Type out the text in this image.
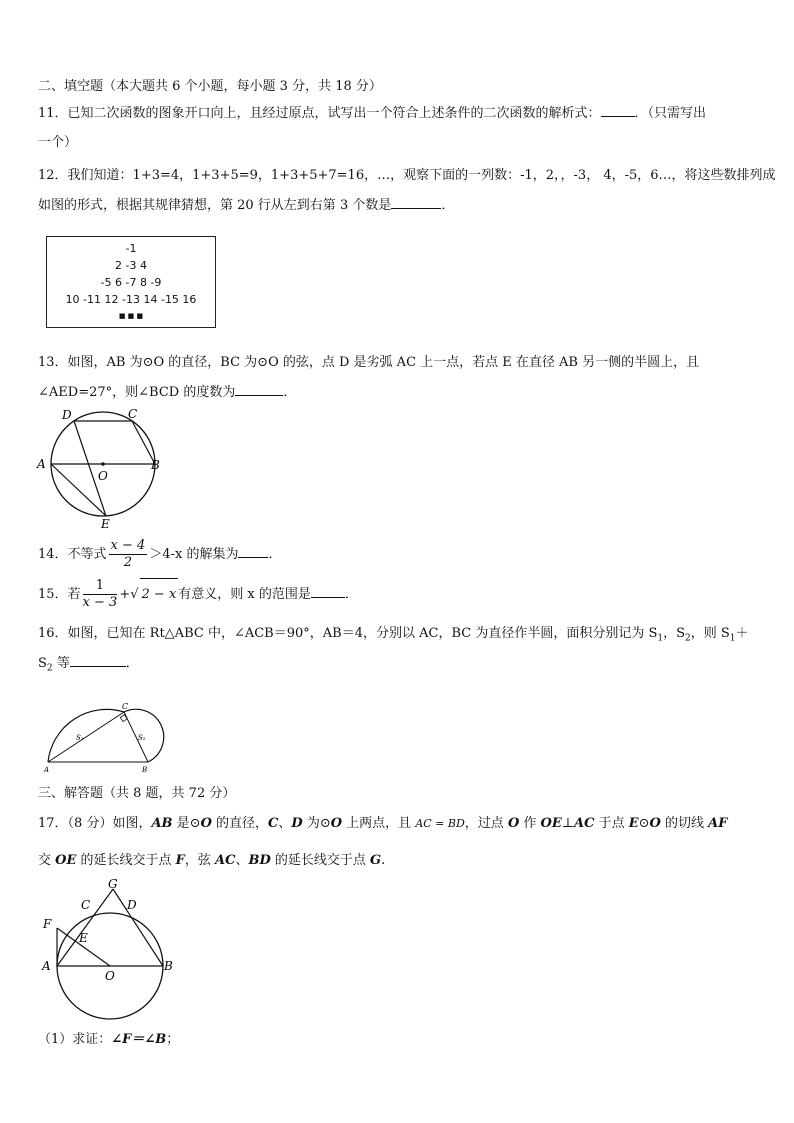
二、填空题（本大题共 6 个小题，每小题 3 分，共 18 分）
11．已知二次函数的图象开口向上，且经过原点，试写出一个符合上述条件的二次函数的解析式：	．（只需写出
一个）
12．我们知道：1+3=4，1+3+5=9，1+3+5+7=16，…，观察下面的一列数：-1，2，，-3， 4，-5，6…，将这些数排列成
如图的形式，根据其规律猜想，第 20 行从左到右第 3 个数是	．
-1
2 -3 4
-5 6 -7 8 -9
10 -11 12 -13 14 -15 16
■ ■ ■
13．如图，AB 为⊙O 的直径，BC 为⊙O 的弦，点 D 是劣弧 AC 上一点，若点 E 在直径 AB 另一侧的半圆上，且
∠AED=27°，则∠BCD 的度数为	．
D	C
A	B
O
E
14．不等式 $\frac{x - 4}{2} >4-x$ 的解集为 ．
15．若 $\frac{1}{x - 3}$ +√ 2 − x 有意义，则 x 的范围是	．
16．如图，已知在 Rt△ABC 中，∠ACB＝90°，AB＝4，分别以 AC，BC 为直径作半圆，面积分别记为 $S_1$，$S_2$，则 $S_1+$
$S_2$ 等	．
C
S₁	S₂
A	B
三、解答题（共 8 题，共 72 分）
17．（8 分）如图，AB 是⊙O 的直径，C、D 为⊙O 上两点，且 AC = BD，过点 O 作 OE⊥AC 于点 E⊙O 的切线 AF
交 OE 的延长线交于点 F，弦 AC、BD 的延长线交于点 G.
G
C	D
F
E
A
O
B
（1）求证：∠F＝∠B；
